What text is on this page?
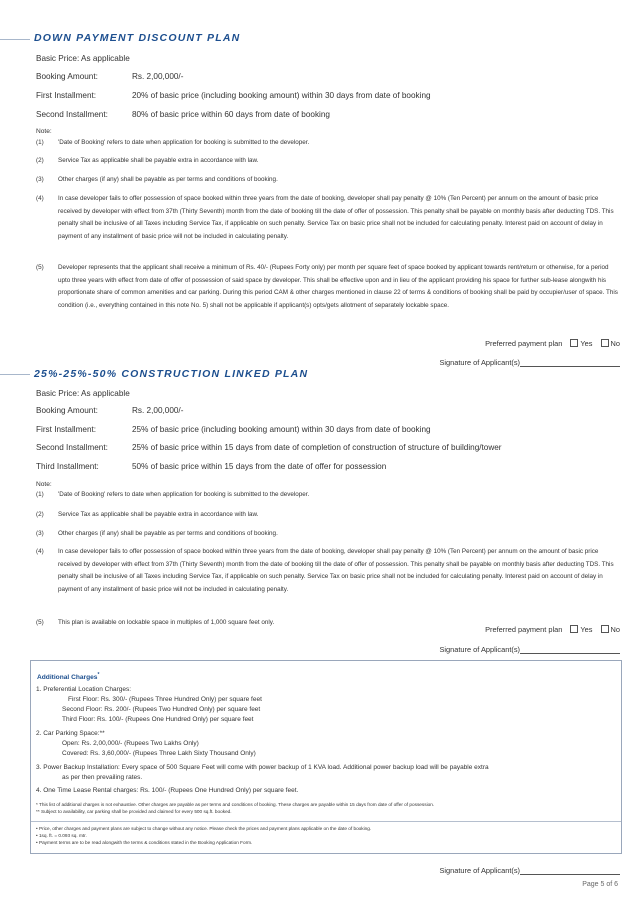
DOWN PAYMENT DISCOUNT PLAN
Basic Price: As applicable
Booking Amount:	Rs. 2,00,000/-
First Installment:	20% of basic price (including booking amount) within 30 days from date of booking
Second Installment:	80% of basic price within 60 days from date of booking
Note:
(1) 'Date of Booking' refers to date when application for booking is submitted to the developer.
(2) Service Tax as applicable shall be payable extra in accordance with law.
(3) Other charges (if any) shall be payable as per terms and conditions of booking.
(4) In case developer fails to offer possession of space booked within three years from the date of booking, developer shall pay penalty @ 10% (Ten Percent) per annum on the amount of basic price received by developer with effect from 37th (Thirty Seventh) month from the date of booking till the date of offer of possession. This penalty shall be payable on monthly basis after deducting TDS. This penalty shall be inclusive of all Taxes including Service Tax, if applicable on such penalty. Service Tax on basic price shall not be included for calculating penalty. Interest paid on account of delay in payment of any installment of basic price will not be included in calculating penalty.
(5) Developer represents that the applicant shall receive a minimum of Rs. 40/- (Rupees Forty only) per month per square feet of space booked by applicant towards rent/return or otherwise, for a period upto three years with effect from date of offer of possession of said space by developer. This shall be effective upon and in lieu of the applicant providing his space for further sub-lease alongwith his proportionate share of common amenities and car parking. During this period CAM & other charges mentioned in clause 22 of terms & conditions of booking shall be paid by occupier/user of space. This condition (i.e., everything contained in this note No. 5) shall not be applicable if applicant(s) opts/gets allotment of separately lockable space.
Preferred payment plan Yes No
Signature of Applicant(s)
25%-25%-50% CONSTRUCTION LINKED PLAN
Basic Price: As applicable
Booking Amount:	Rs. 2,00,000/-
First Installment:	25% of basic price (including booking amount) within 30 days from date of booking
Second Installment:	25% of basic price within 15 days from date of completion of construction of structure of building/tower
Third Installment:	50% of basic price within 15 days from the date of offer for possession
Note:
(1) 'Date of Booking' refers to date when application for booking is submitted to the developer.
(2) Service Tax as applicable shall be payable extra in accordance with law.
(3) Other charges (if any) shall be payable as per terms and conditions of booking.
(4) In case developer fails to offer possession of space booked within three years from the date of booking, developer shall pay penalty @ 10% (Ten Percent) per annum on the amount of basic price received by developer with effect from 37th (Thirty Seventh) month from the date of booking till the date of offer of possession. This penalty shall be payable on monthly basis after deducting TDS. This penalty shall be inclusive of all Taxes including Service Tax, if applicable on such penalty. Service Tax on basic price shall not be included for calculating penalty. Interest paid on account of delay in payment of any installment of basic price will not be included in calculating penalty.
(5) This plan is available on lockable space in multiples of 1,000 square feet only.
Preferred payment plan Yes No
Signature of Applicant(s)
Additional Charges*
1. Preferential Location Charges:
First Floor: Rs. 300/- (Rupees Three Hundred Only) per square feet
Second Floor: Rs. 200/- (Rupees Two Hundred Only) per square feet
Third Floor: Rs. 100/- (Rupees One Hundred Only) per square feet
2. Car Parking Space:**
Open: Rs. 2,00,000/- (Rupees Two Lakhs Only)
Covered: Rs. 3,60,000/- (Rupees Three Lakh Sixty Thousand Only)
3. Power Backup Installation: Every space of 500 Square Feet will come with power backup of 1 KVA load. Additional power backup load will be payable extra
as per then prevailing rates.
4. One Time Lease Rental charges: Rs. 100/- (Rupees One Hundred Only) per square feet.
* This list of additional charges is not exhaustive. Other charges are payable as per terms and conditions of booking. These charges are payable within 15 days from date of offer of possession.
** Subject to availability, car parking shall be provided and claimed for every 500 sq.ft. booked.
• Price, other charges and payment plans are subject to change without any notice. Please check the prices and payment plans applicable on the date of booking.
• 1sq. ft. = 0.093 sq. mtr.
• Payment terms are to be read alongwith the terms & conditions stated in the Booking Application Form.
Signature of Applicant(s)
Page 5 of 6
